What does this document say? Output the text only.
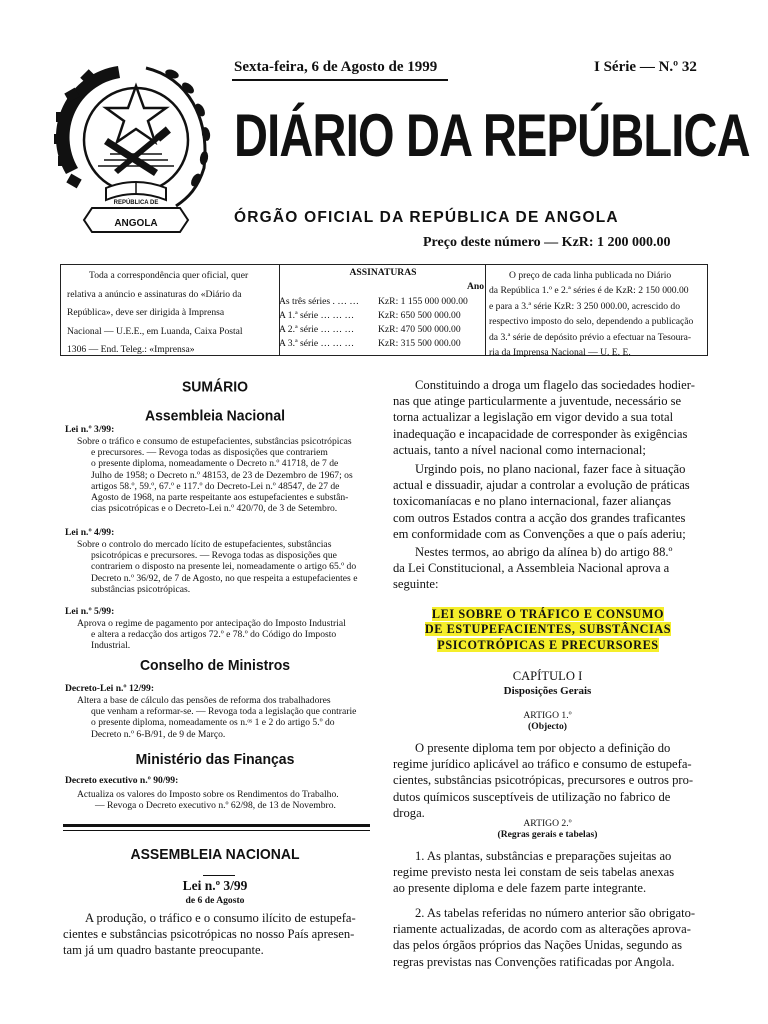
REPÚBLICA DE
ANGOLA
Sexta-feira, 6 de Agosto de 1999	I Série — N.º 32
DIÁRIO DA REPÚBLICA
ÓRGÃO OFICIAL DA REPÚBLICA DE ANGOLA
Preço deste número — KzR: 1 200 000.00
Toda a correspondência quer oficial, quer
relativa a anúncio e assinaturas do «Diário da
República», deve ser dirigida à Imprensa
Nacional — U.E.E., em Luanda, Caixa Postal
1306 — End. Teleg.: «Imprensa»
ASSINATURAS
Ano
As três séries . … … KzR: 1 155 000 000.00
A 1.ª série … … … KzR: 650 500 000.00
A 2.ª série … … … KzR: 470 500 000.00
A 3.ª série … … … KzR: 315 500 000.00
O preço de cada linha publicada no Diário
da República 1.º e 2.ª séries é de KzR: 2 150 000.00
e para a 3.ª série KzR: 3 250 000.00, acrescido do
respectivo imposto do selo, dependendo a publicação
da 3.ª série de depósito prévio a efectuar na Tesoura-
ria da Imprensa Nacional — U. E. E.
SUMÁRIO
Assembleia Nacional
Lei n.º 3/99:
Sobre o tráfico e consumo de estupefacientes, substâncias psicotrópicas
e precursores. — Revoga todas as disposições que contrariem
o presente diploma, nomeadamente o Decreto n.º 41718, de 7 de
Julho de 1958; o Decreto n.º 48153, de 23 de Dezembro de 1967; os
artigos 58.º, 59.º, 67.º e 117.º do Decreto-Lei n.º 48547, de 27 de
Agosto de 1968, na parte respeitante aos estupefacientes e substân-
cias psicotrópicas e o Decreto-Lei n.º 420/70, de 3 de Setembro.
Lei n.º 4/99:
Sobre o controlo do mercado lícito de estupefacientes, substâncias
psicotrópicas e precursores. — Revoga todas as disposições que
contrariem o disposto na presente lei, nomeadamente o artigo 65.º do
Decreto n.º 36/92, de 7 de Agosto, no que respeita a estupefacientes e
substâncias psicotrópicas.
Lei n.º 5/99:
Aprova o regime de pagamento por antecipação do Imposto Industrial
e altera a redacção dos artigos 72.º e 78.º do Código do Imposto
Industrial.
Conselho de Ministros
Decreto-Lei n.º 12/99:
Altera a base de cálculo das pensões de reforma dos trabalhadores
que venham a reformar-se. — Revoga toda a legislação que contrarie
o presente diploma, nomeadamente os n.ᵒˢ 1 e 2 do artigo 5.º do
Decreto n.º 6-B/91, de 9 de Março.
Ministério das Finanças
Decreto executivo n.º 90/99:
Actualiza os valores do Imposto sobre os Rendimentos do Trabalho.
— Revoga o Decreto executivo n.º 62/98, de 13 de Novembro.
ASSEMBLEIA NACIONAL
Lei n.º 3/99
de 6 de Agosto
A produção, o tráfico e o consumo ilícito de estupefa-
cientes e substâncias psicotrópicas no nosso País apresen-
tam já um quadro bastante preocupante.
Constituindo a droga um flagelo das sociedades hodier-
nas que atinge particularmente a juventude, necessário se
torna actualizar a legislação em vigor devido a sua total
inadequação e incapacidade de corresponder às exigências
actuais, tanto a nível nacional como internacional;
Urgindo pois, no plano nacional, fazer face à situação
actual e dissuadir, ajudar a controlar a evolução de práticas
toxicomaníacas e no plano internacional, fazer alianças
com outros Estados contra a acção dos grandes traficantes
em conformidade com as Convenções a que o país aderiu;
Nestes termos, ao abrigo da alínea b) do artigo 88.º
da Lei Constitucional, a Assembleia Nacional aprova a
seguinte:
LEI SOBRE O TRÁFICO E CONSUMO
DE ESTUPEFACIENTES, SUBSTÂNCIAS
PSICOTRÓPICAS E PRECURSORES
CAPÍTULO I
Disposições Gerais
ARTIGO 1.º
(Objecto)
O presente diploma tem por objecto a definição do
regime jurídico aplicável ao tráfico e consumo de estupefa-
cientes, substâncias psicotrópicas, precursores e outros pro-
dutos químicos susceptíveis de utilização no fabrico de
droga.
ARTIGO 2.º
(Regras gerais e tabelas)
1. As plantas, substâncias e preparações sujeitas ao
regime previsto nesta lei constam de seis tabelas anexas
ao presente diploma e dele fazem parte integrante.
2. As tabelas referidas no número anterior são obrigato-
riamente actualizadas, de acordo com as alterações aprova-
das pelos órgãos próprios das Nações Unidas, segundo as
regras previstas nas Convenções ratificadas por Angola.
